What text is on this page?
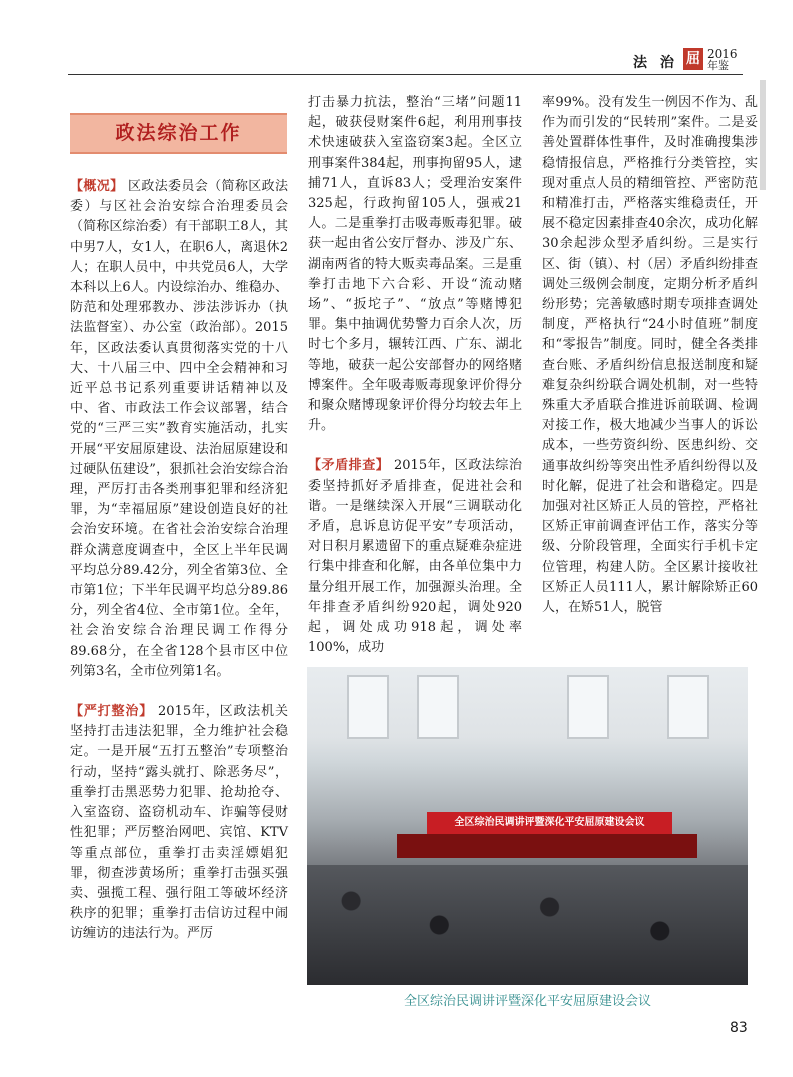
法 治 屈 2016
年鉴
政法综治工作

【概况】 区政法委员会（简称区政法委）与区社会治安综合治理委员会（简称区综治委）有干部职工8人，其中男7人，女1人，在职6人，离退休2人；在职人员中，中共党员6人，大学本科以上6人。内设综治办、维稳办、防范和处理邪教办、涉法涉诉办（执法监督室）、办公室（政治部）。2015年，区政法委认真贯彻落实党的十八大、十八届三中、四中全会精神和习近平总书记系列重要讲话精神以及中、省、市政法工作会议部署，结合党的“三严三实”教育实施活动，扎实开展“平安屈原建设、法治屈原建设和过硬队伍建设”，狠抓社会治安综合治理，严厉打击各类刑事犯罪和经济犯罪，为“幸福屈原”建设创造良好的社会治安环境。在省社会治安综合治理群众满意度调查中，全区上半年民调平均总分89.42分，列全省第3位、全市第1位；下半年民调平均总分89.86分，列全省4位、全市第1位。全年，社会治安综合治理民调工作得分89.68分，在全省128个县市区中位列第3名，全市位列第1名。

【严打整治】 2015年，区政法机关坚持打击违法犯罪，全力维护社会稳定。一是开展“五打五整治”专项整治行动，坚持“露头就打、除恶务尽”，重拳打击黑恶势力犯罪、抢劫抢夺、入室盗窃、盗窃机动车、诈骗等侵财性犯罪；严厉整治网吧、宾馆、KTV等重点部位，重拳打击卖淫嫖娼犯罪，彻查涉黄场所；重拳打击强买强卖、强揽工程、强行阻工等破坏经济秩序的犯罪；重拳打击信访过程中闹访缠访的违法行为。严厉

打击暴力抗法，整治“三堵”问题11起，破获侵财案件6起，利用刑事技术快速破获入室盗窃案3起。全区立刑事案件384起，刑事拘留95人，逮捕71人，直诉83人；受理治安案件325起，行政拘留105人，强戒21人。二是重拳打击吸毒贩毒犯罪。破获一起由省公安厅督办、涉及广东、湖南两省的特大贩卖毒品案。三是重拳打击地下六合彩、开设“流动赌场”、“扳坨子”、“放点”等赌博犯罪。集中抽调优势警力百余人次，历时七个多月，辗转江西、广东、湖北等地，破获一起公安部督办的网络赌博案件。全年吸毒贩毒现象评价得分和聚众赌博现象评价得分均较去年上升。

【矛盾排查】 2015年，区政法综治委坚持抓好矛盾排查，促进社会和谐。一是继续深入开展“三调联动化矛盾，息诉息访促平安”专项活动，对日积月累遗留下的重点疑难杂症进行集中排查和化解，由各单位集中力量分组开展工作，加强源头治理。全年排查矛盾纠纷920起，调处920起，调处成功918起，调处率100%，成功

率99%。没有发生一例因不作为、乱作为而引发的“民转刑”案件。二是妥善处置群体性事件，及时准确搜集涉稳情报信息，严格推行分类管控，实现对重点人员的精细管控、严密防范和精准打击，严格落实维稳责任，开展不稳定因素排查40余次，成功化解30余起涉众型矛盾纠纷。三是实行区、街（镇）、村（居）矛盾纠纷排查调处三级例会制度，定期分析矛盾纠纷形势；完善敏感时期专项排查调处制度，严格执行“24小时值班”制度和“零报告”制度。同时，健全各类排查台账、矛盾纠纷信息报送制度和疑难复杂纠纷联合调处机制，对一些特殊重大矛盾联合推进诉前联调、检调对接工作，极大地减少当事人的诉讼成本，一些劳资纠纷、医患纠纷、交通事故纠纷等突出性矛盾纠纷得以及时化解，促进了社会和谐稳定。四是加强对社区矫正人员的管控，严格社区矫正审前调查评估工作，落实分等级、分阶段管理，全面实行手机卡定位管理，构建人防。全区累计接收社区矫正人员111人，累计解除矫正60人，在矫51人，脱管

全区综治民调讲评暨深化平安屈原建设会议
全区综治民调讲评暨深化平安屈原建设会议
83
